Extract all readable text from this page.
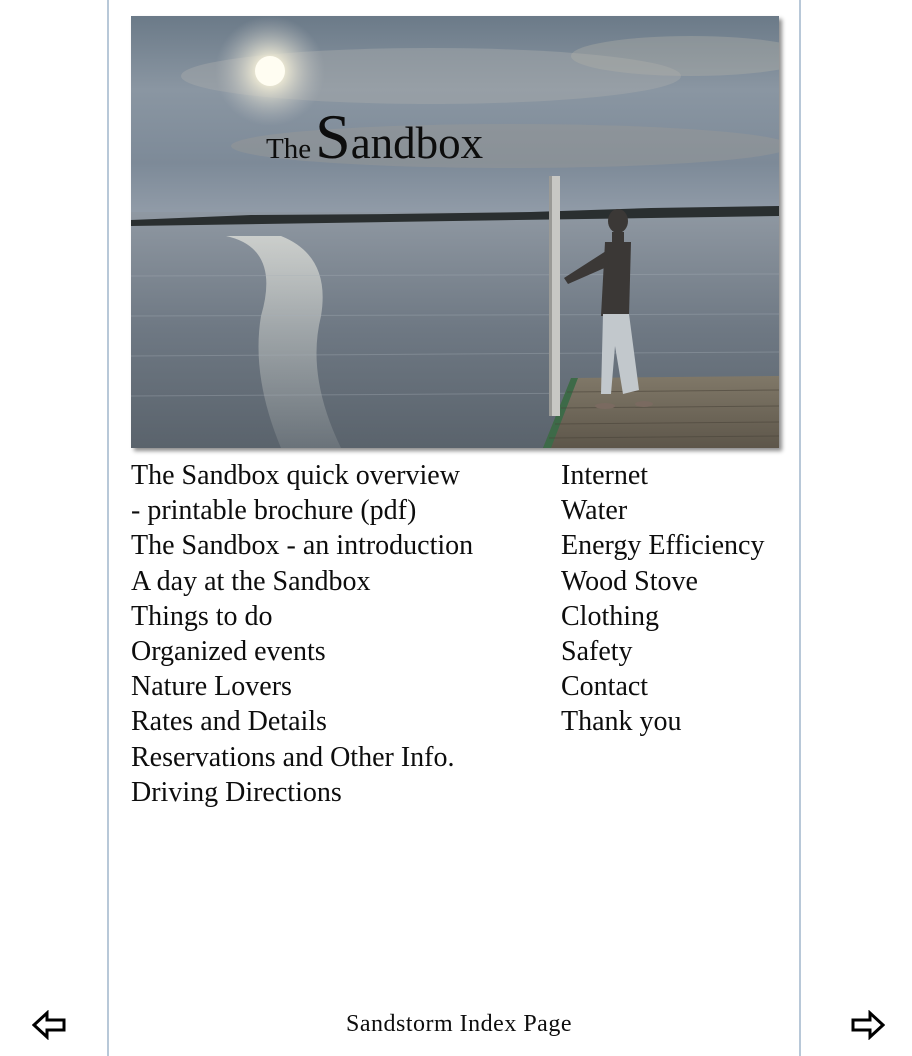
The Sandbox
The Sandbox quick overview
- printable brochure (pdf)
The Sandbox - an introduction
A day at the Sandbox
Things to do
Organized events
Nature Lovers
Rates and Details
Reservations and Other Info.
Driving Directions
Internet
Water
Energy Efficiency
Wood Stove
Clothing
Safety
Contact
Thank you
Sandstorm Index Page
